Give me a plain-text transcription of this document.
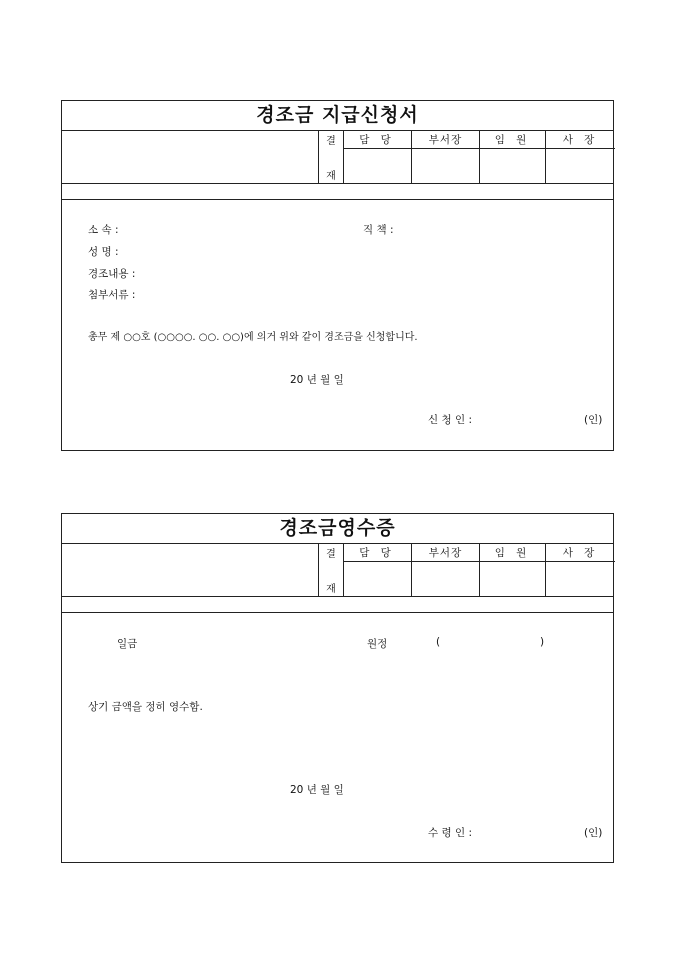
경조금 지급신청서
결
재
담 당	부서장	임 원	사 장
소 속 :	직 책 :
성 명 :
경조내용 :
첨부서류 :
총무 제 ○○호 (○○○○. ○○. ○○)에 의거 위와 같이 경조금을 신청합니다.
20 년 월 일
신 청 인 :	(인)
경조금영수증
결
재
담 당	부서장	임 원	사 장
일금	원정	(	)
상기 금액을 정히 영수함.
20 년 월 일
수 령 인 :	(인)
